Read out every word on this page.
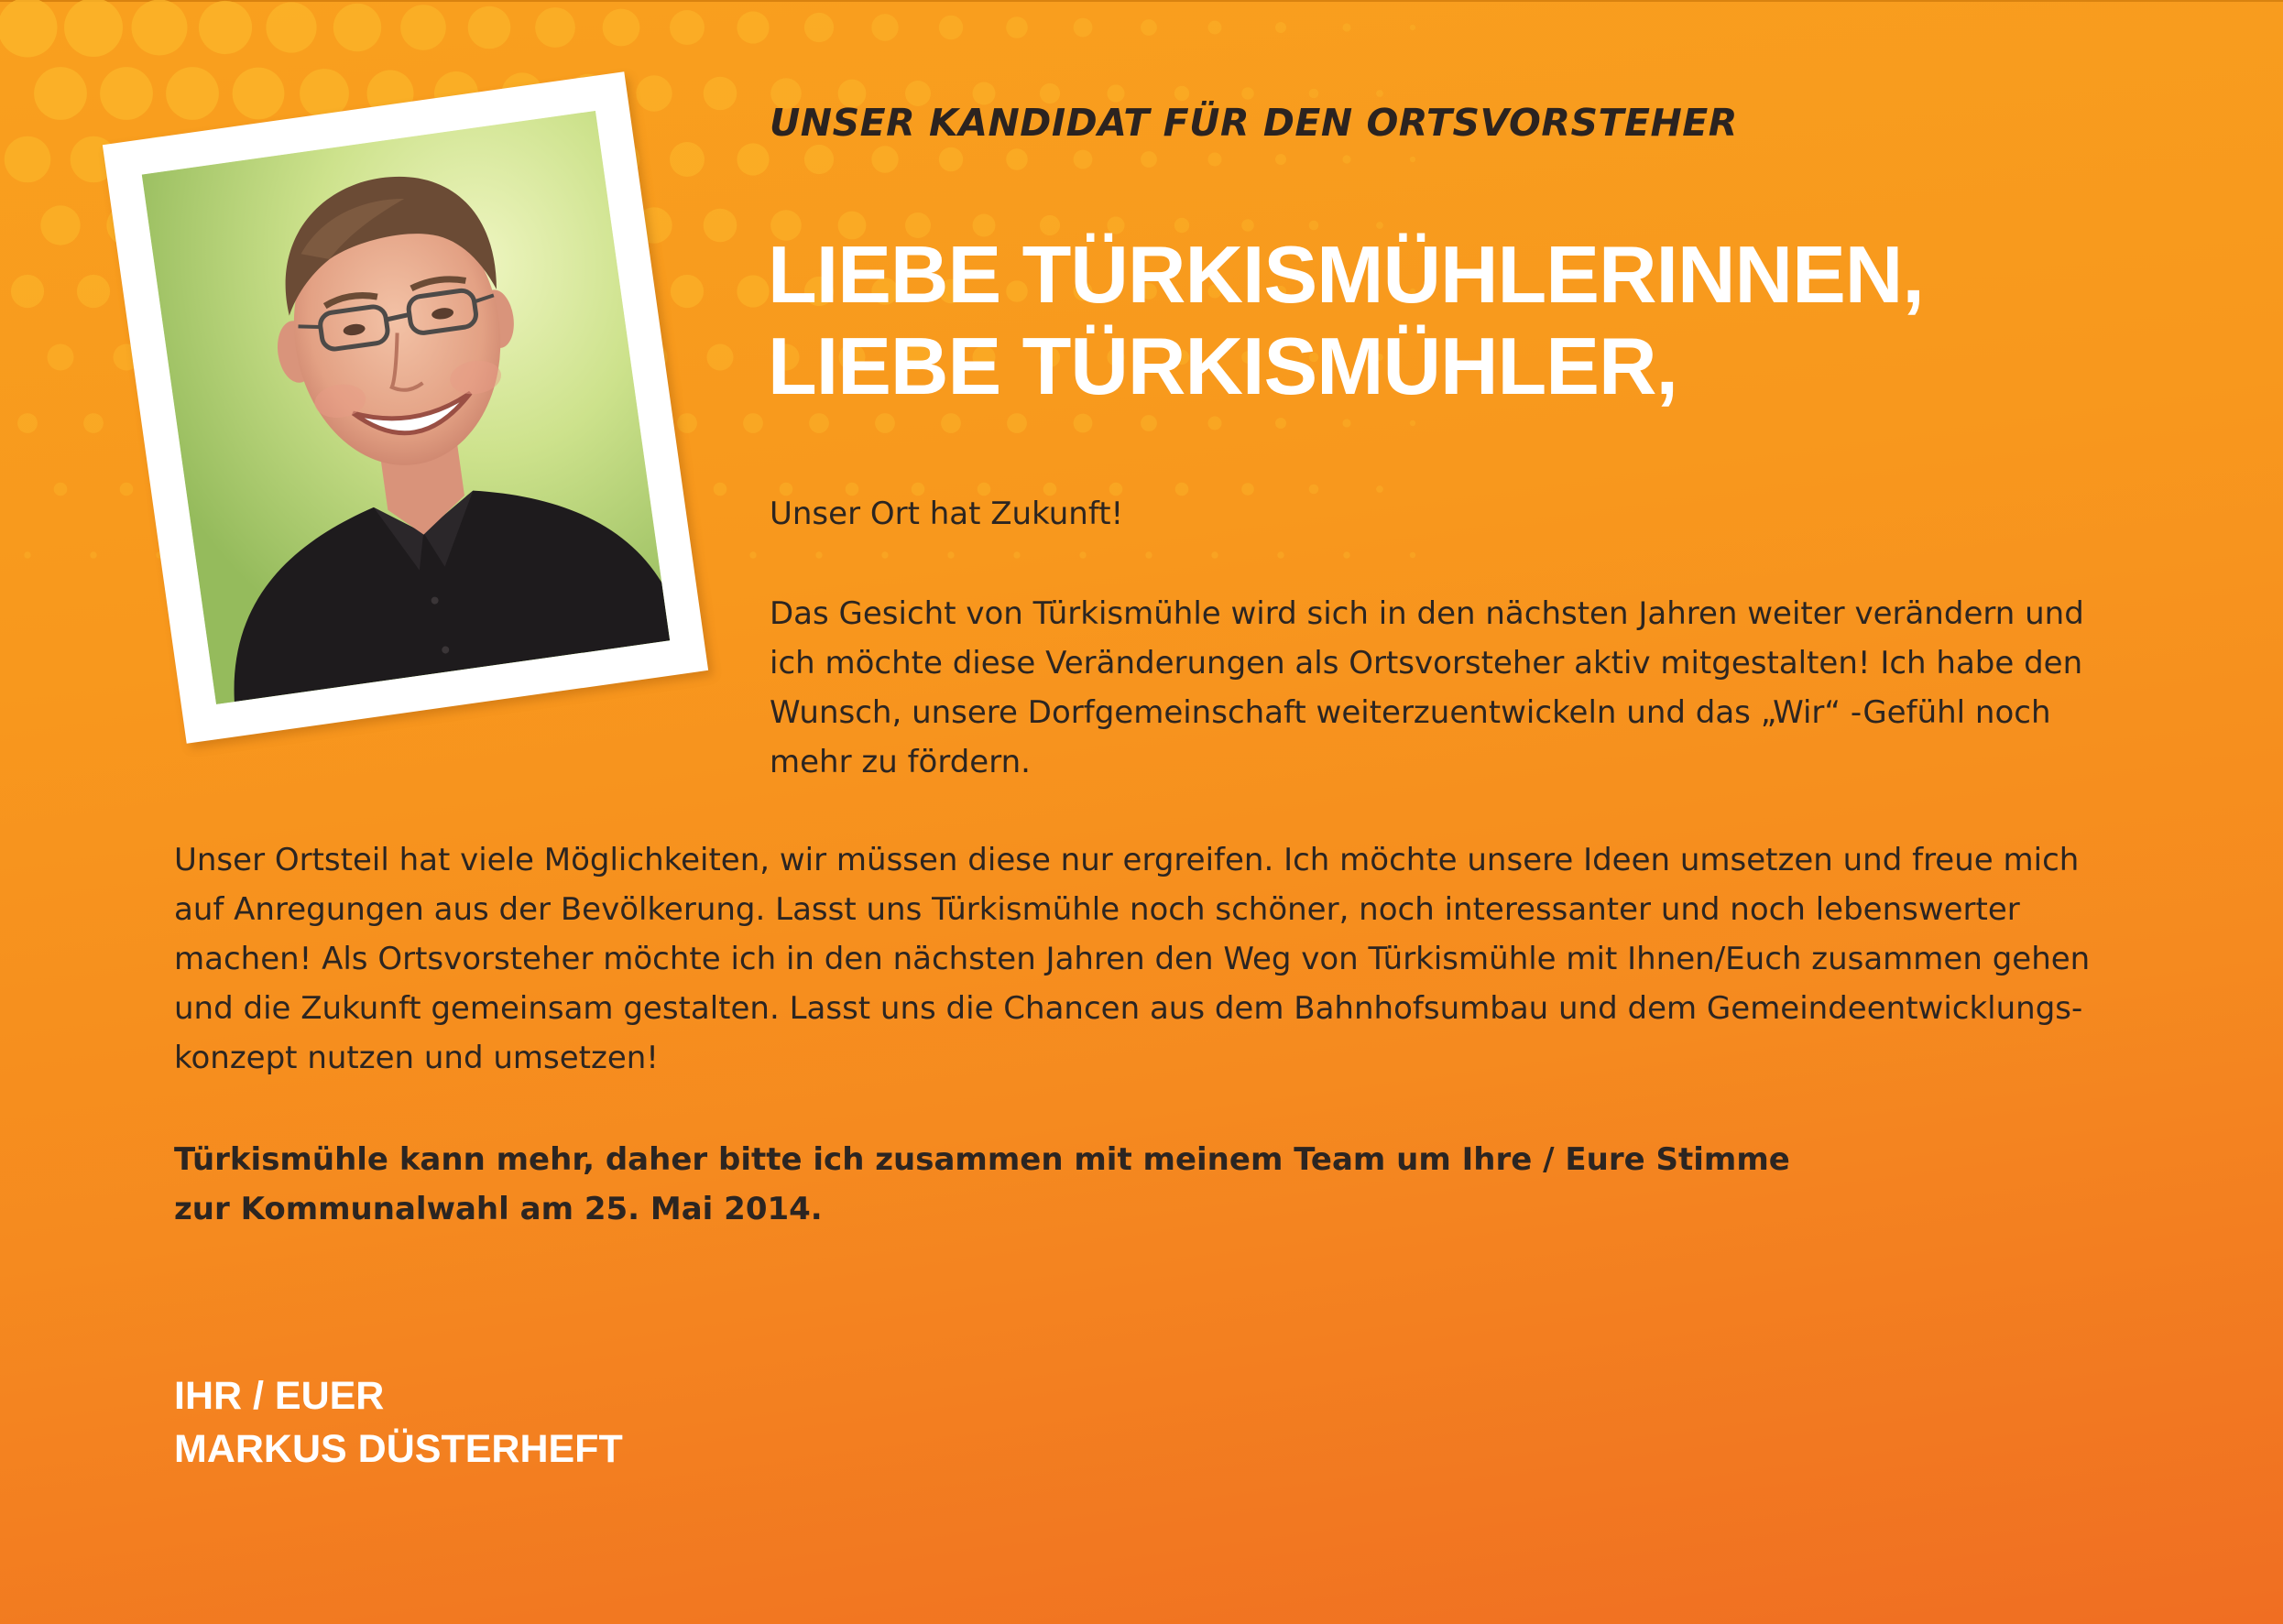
UNSER KANDIDAT FÜR DEN ORTSVORSTEHER
LIEBE TÜRKISMÜHLERINNEN,
LIEBE TÜRKISMÜHLER,
Unser Ort hat Zukunft!
Das Gesicht von Türkismühle wird sich in den nächsten Jahren weiter verändern und
ich möchte diese Veränderungen als Ortsvorsteher aktiv mitgestalten! Ich habe den
Wunsch, unsere Dorfgemeinschaft weiterzuentwickeln und das „Wir“ -Gefühl noch
mehr zu fördern.
Unser Ortsteil hat viele Möglichkeiten, wir müssen diese nur ergreifen. Ich möchte unsere Ideen umsetzen und freue mich
auf Anregungen aus der Bevölkerung. Lasst uns Türkismühle noch schöner, noch interessanter und noch lebenswerter
machen! Als Ortsvorsteher möchte ich in den nächsten Jahren den Weg von Türkismühle mit Ihnen/Euch zusammen gehen
und die Zukunft gemeinsam gestalten. Lasst uns die Chancen aus dem Bahnhofsumbau und dem Gemeindeentwicklungs-
konzept nutzen und umsetzen!
Türkismühle kann mehr, daher bitte ich zusammen mit meinem Team um Ihre / Eure Stimme
zur Kommunalwahl am 25. Mai 2014.
IHR / EUER
MARKUS DÜSTERHEFT
